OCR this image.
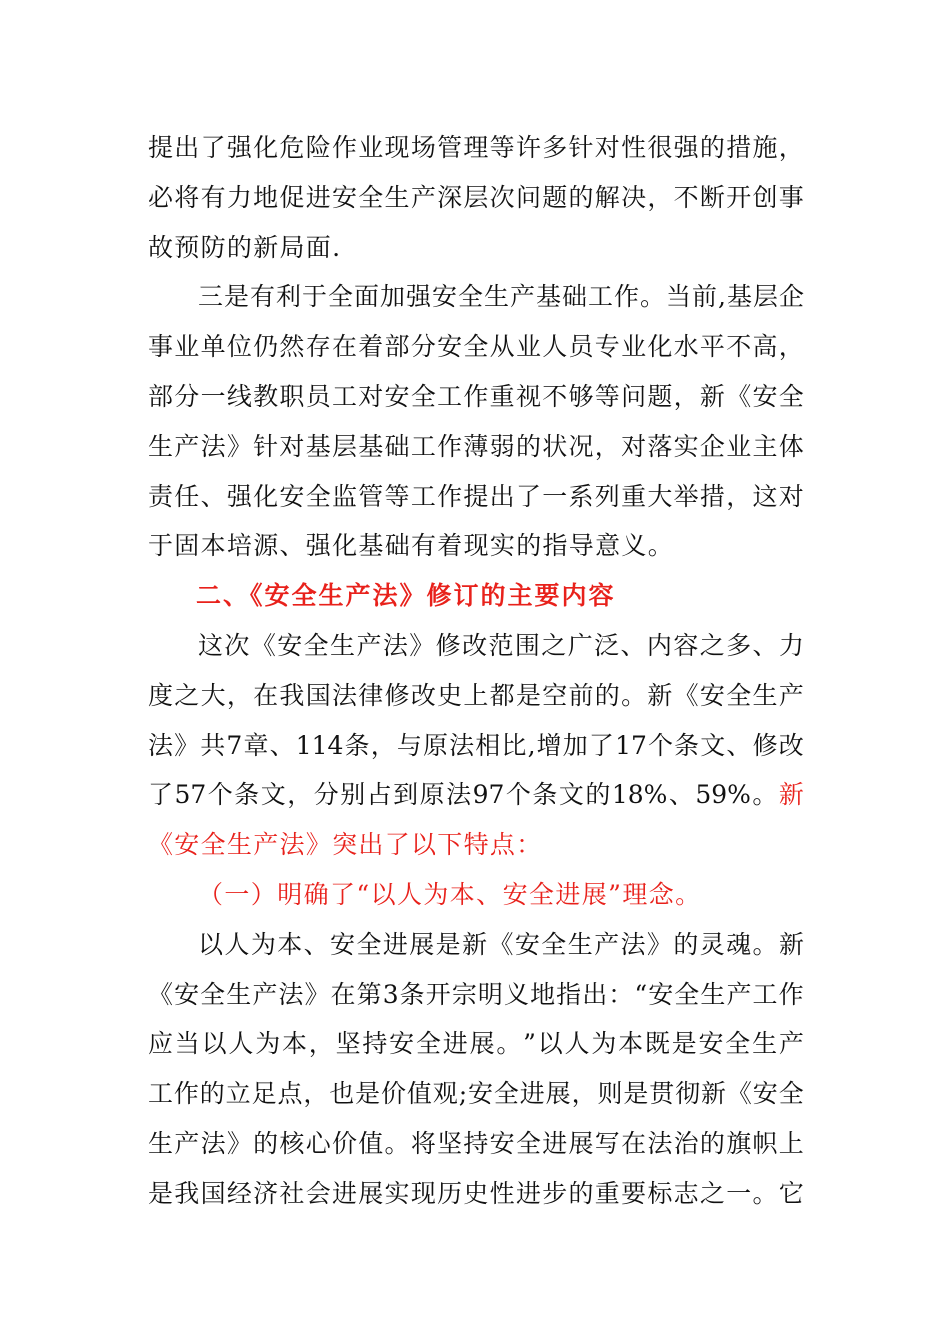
提 出 了 强 化 危 险 作 业 现 场 管 理 等 许 多 针 对 性 很 强 的 措 施 ，
必 将 有 力 地 促 进 安 全 生 产 深 层 次 问 题 的 解 决 ， 不 断 开 创 事
故预防的新局面.
三 是 有 利 于 全 面 加 强 安 全 生 产 基 础 工 作 。 当 前 , 基 层 企
事 业 单 位 仍 然 存 在 着 部 分 安 全 从 业 人 员 专 业 化 水 平 不 高 ，
部 分 一 线 教 职 员 工 对 安 全 工 作 重 视 不 够 等 问 题 ， 新 《 安 全
生 产 法 》 针 对 基 层 基 础 工 作 薄 弱 的 状 况 ， 对 落 实 企 业 主 体
责 任 、 强 化 安 全 监 管 等 工 作 提 出 了 一 系 列 重 大 举 措 ， 这 对
于固本培源、强化基础有着现实的指导意义。
二、《安全生产法》修订的主要内容
这 次 《 安 全 生 产 法 》 修 改 范 围 之 广 泛 、 内 容 之 多 、 力
度 之 大 ， 在 我 国 法 律 修 改 史 上 都 是 空 前 的 。 新 《 安 全 生 产
法 》 共 7 章 、 114 条 ， 与 原 法 相 比 , 增 加 了 17 个 条 文 、 修 改
了 57 个 条 文 ， 分 别 占 到 原 法 97 个 条 文 的 18% 、 59% 。 新
《安全生产法》突出了以下特点：
（一）明确了“以人为本、安全进展”理念。
以 人 为 本 、 安 全 进 展 是 新 《 安 全 生 产 法 》 的 灵 魂 。 新
《 安 全 生 产 法 》 在 第 3 条 开 宗 明 义 地 指 出 ： “ 安 全 生 产 工 作
应 当 以 人 为 本 ， 坚 持 安 全 进 展 。 ” 以 人 为 本 既 是 安 全 生 产
工 作 的 立 足 点 ， 也 是 价 值 观 ; 安 全 进 展 ， 则 是 贯 彻 新 《 安 全
生 产 法 》 的 核 心 价 值 。 将 坚 持 安 全 进 展 写 在 法 治 的 旗 帜 上
是 我 国 经 济 社 会 进 展 实 现 历 史 性 进 步 的 重 要 标 志 之 一 。 它
